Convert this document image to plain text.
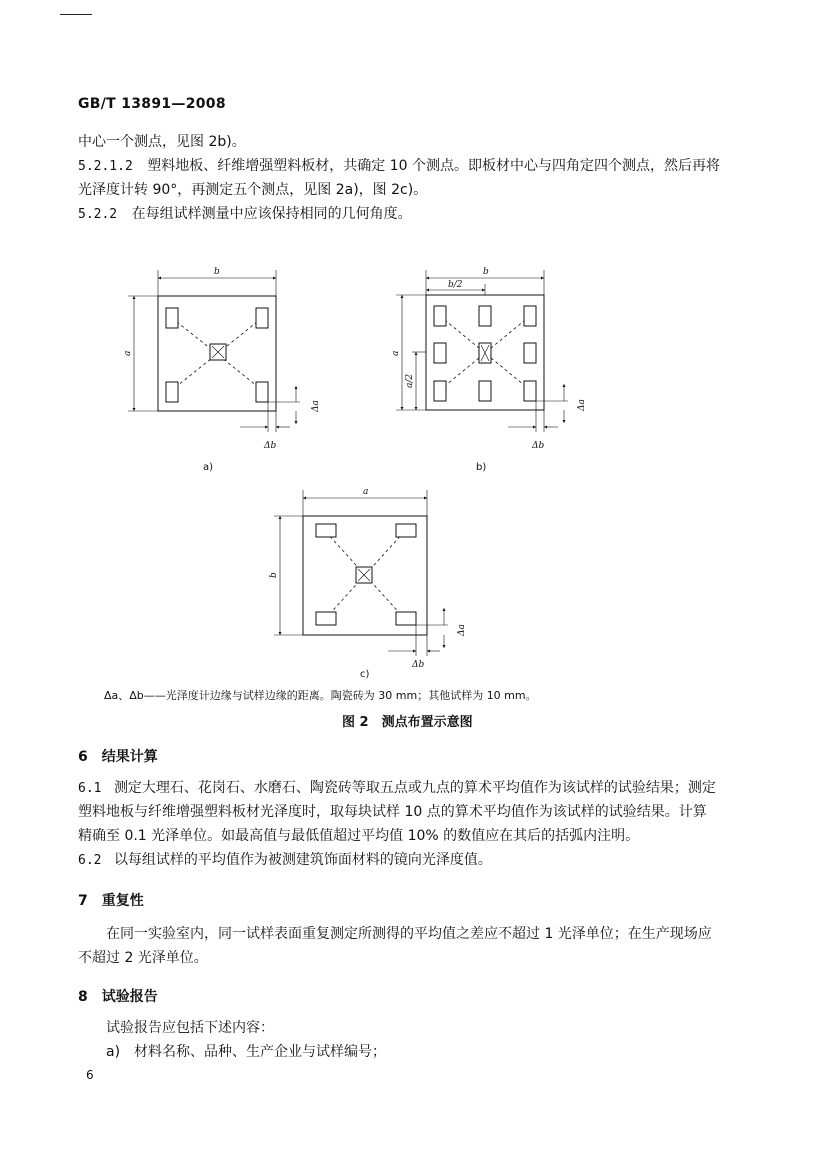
GB/T 13891—2008
中心一个测点，见图 2b)。
5.2.1.2 塑料地板、纤维增强塑料板材，共确定 10 个测点。即板材中心与四角定四个测点，然后再将
光泽度计转 90°，再测定五个测点，见图 2a)，图 2c)。
5.2.2 在每组试样测量中应该保持相同的几何角度。
b
a
Δa
Δb
a)
b
b/2
a
a/2
Δa
Δb
b)
a
b
Δa
Δb
c)
Δa、Δb——光泽度计边缘与试样边缘的距离。陶瓷砖为 30 mm；其他试样为 10 mm。
图 2　测点布置示意图
6　结果计算
6.1 测定大理石、花岗石、水磨石、陶瓷砖等取五点或九点的算术平均值作为该试样的试验结果；测定
塑料地板与纤维增强塑料板材光泽度时，取每块试样 10 点的算术平均值作为该试样的试验结果。计算
精确至 0.1 光泽单位。如最高值与最低值超过平均值 10% 的数值应在其后的括弧内注明。
6.2 以每组试样的平均值作为被测建筑饰面材料的镜向光泽度值。
7　重复性
在同一实验室内，同一试样表面重复测定所测得的平均值之差应不超过 1 光泽单位；在生产现场应
不超过 2 光泽单位。
8　试验报告
试验报告应包括下述内容：
a)　材料名称、品种、生产企业与试样编号；
6
